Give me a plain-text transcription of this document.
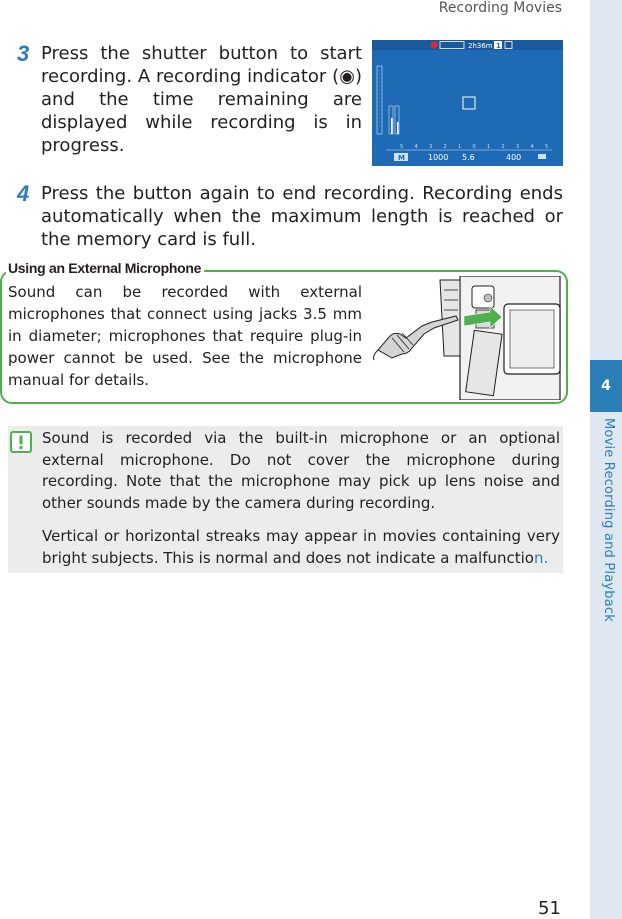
Recording Movies
4
Movie Recording and Playback
3 Press the shutter button to start recording. A recording indicator (◉) and the time remaining are displayed while recording is in progress.
2h36m 1
5 4 3 2 1 0 1 2 3 4 5
M	1000 5.6	400
4 Press the button again to end recording. Recording ends automatically when the maximum length is reached or the memory card is full.
Using an External Microphone
Sound can be recorded with external microphones that connect using jacks 3.5 mm in diameter; microphones that require plug-in power cannot be used. See the microphone manual for details.
Sound is recorded via the built-in microphone or an optional external microphone. Do not cover the microphone during recording. Note that the microphone may pick up lens noise and other sounds made by the camera during recording.
Vertical or horizontal streaks may appear in movies containing very bright subjects. This is normal and does not indicate a malfunction.
51
